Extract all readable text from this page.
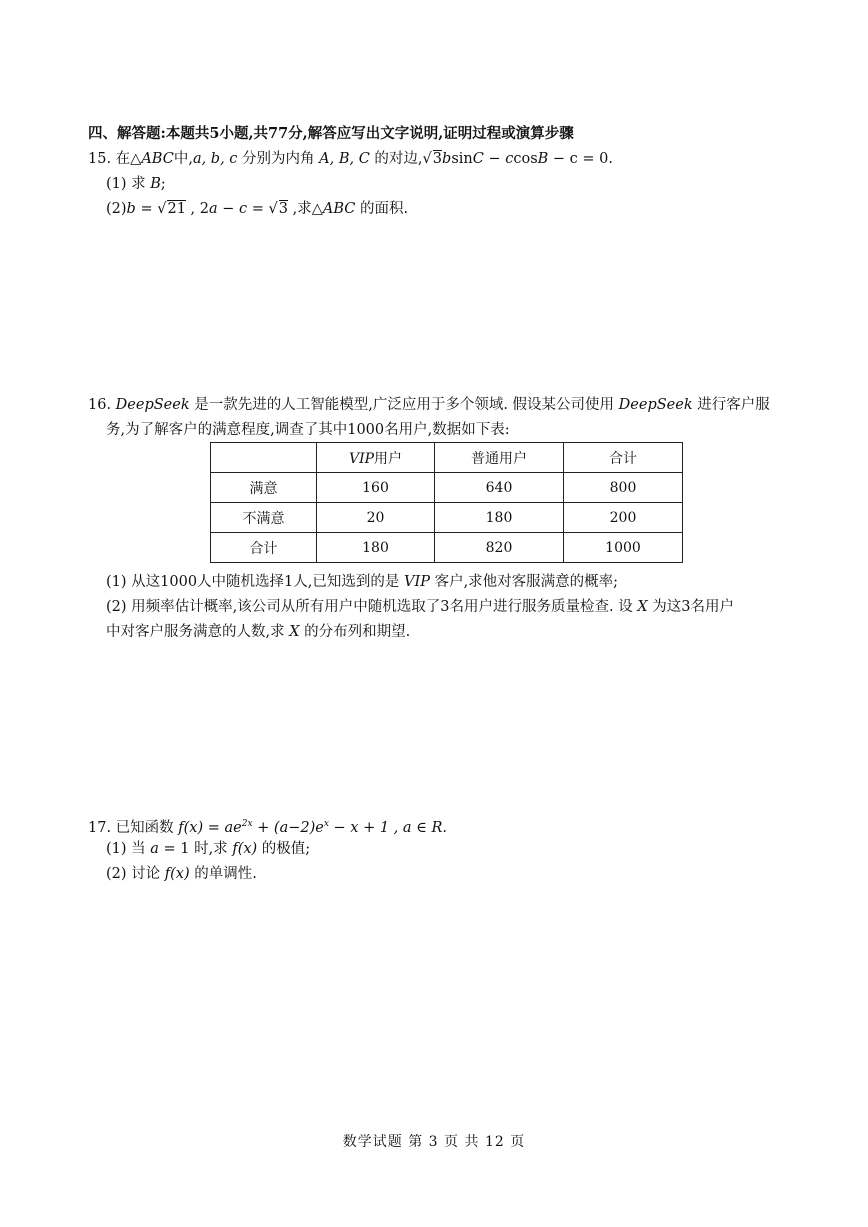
四、解答题:本题共5小题,共77分,解答应写出文字说明,证明过程或演算步骤
15. 在△ABC中,a, b, c 分别为内角 A, B, C 的对边,√3bsinC − ccosB − c = 0.
(1) 求 B;
(2)b = √21 , 2a − c = √3 ,求△ABC 的面积.
16. DeepSeek 是一款先进的人工智能模型,广泛应用于多个领域. 假设某公司使用 DeepSeek 进行客户服
务,为了解客户的满意程度,调查了其中1000名用户,数据如下表:
	VIP用户	普通用户	合计
满意	160	640	800
不满意	20	180	200
合计	180	820	1000
(1) 从这1000人中随机选择1人,已知选到的是 VIP 客户,求他对客服满意的概率;
(2) 用频率估计概率,该公司从所有用户中随机选取了3名用户进行服务质量检查. 设 X 为这3名用户
中对客户服务满意的人数,求 X 的分布列和期望.
17. 已知函数 $f(x) = ae^{2x} + (a-2)e^x - x + 1$ , a ∈ R.
(1) 当 a = 1 时,求 f(x) 的极值;
(2) 讨论 f(x) 的单调性.
数学试题 第 3 页 共 12 页
